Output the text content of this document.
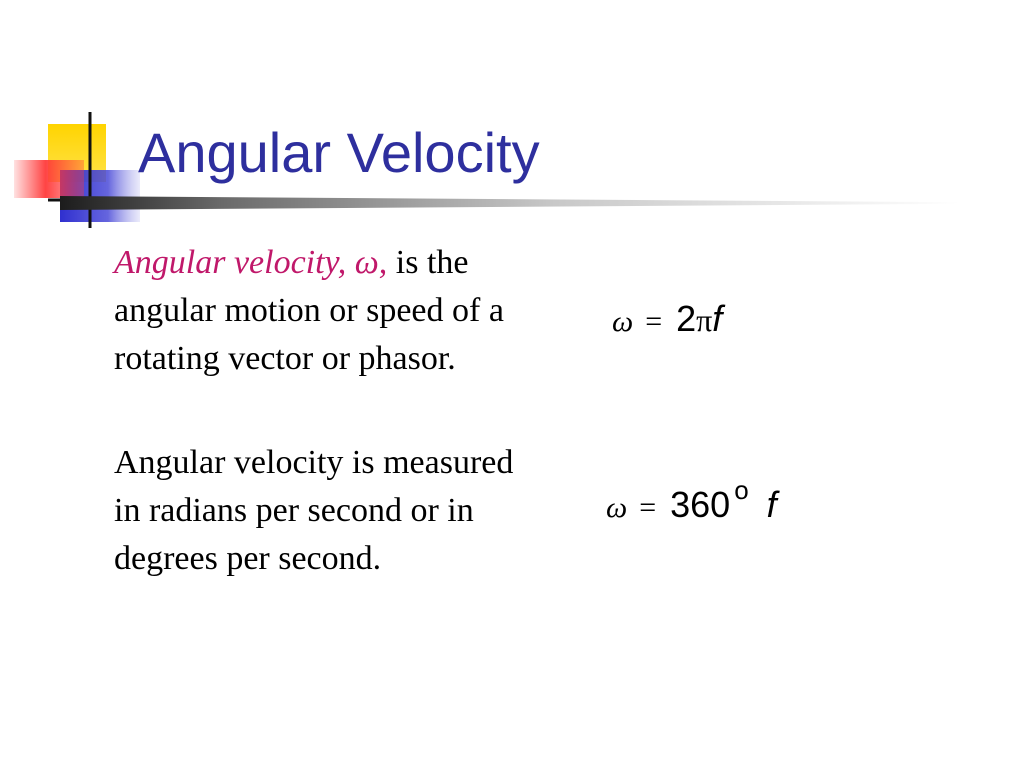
Angular Velocity

Angular velocity, ω, is the angular motion or speed of a rotating vector or phasor.

Angular velocity is measured in radians per second or in degrees per second.

ω = 2 π f
ω = 360 o f
